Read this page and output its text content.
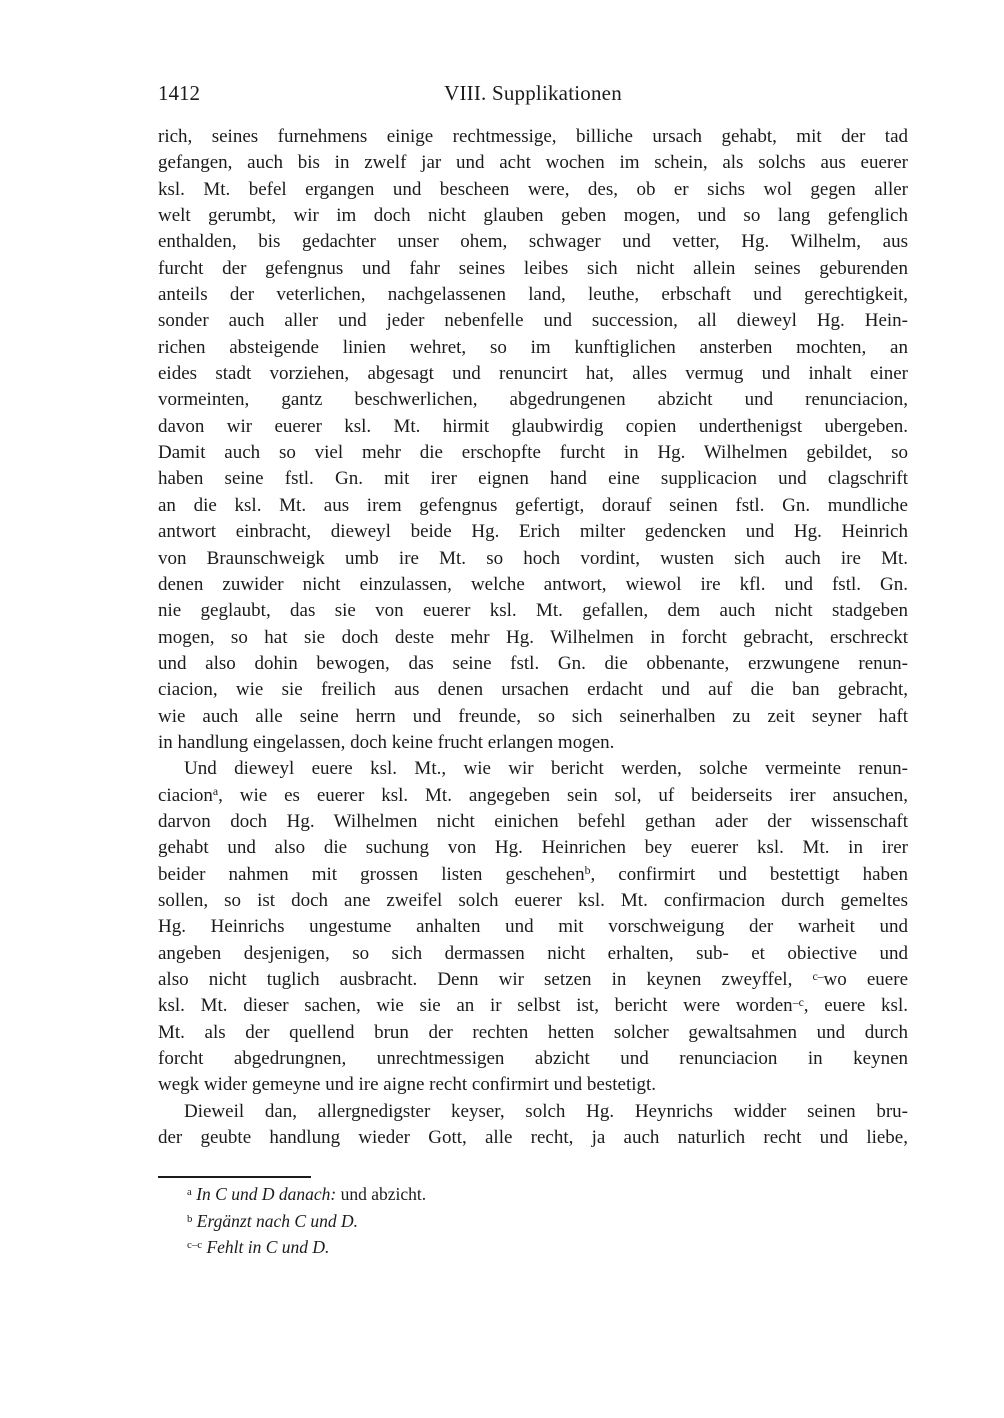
1412	VIII. Supplikationen
rich, seines furnehmens einige rechtmessige, billiche ursach gehabt, mit der tad
gefangen, auch bis in zwelf jar und acht wochen im schein, als solchs aus euerer
ksl. Mt. befel ergangen und bescheen were, des, ob er sichs wol gegen aller
welt gerumbt, wir im doch nicht glauben geben mogen, und so lang gefenglich
enthalden, bis gedachter unser ohem, schwager und vetter, Hg. Wilhelm, aus
furcht der gefengnus und fahr seines leibes sich nicht allein seines geburenden
anteils der veterlichen, nachgelassenen land, leuthe, erbschaft und gerechtigkeit,
sonder auch aller und jeder nebenfelle und succession, all dieweyl Hg. Hein-
richen absteigende linien wehret, so im kunftiglichen ansterben mochten, an
eides stadt vorziehen, abgesagt und renuncirt hat, alles vermug und inhalt einer
vormeinten, gantz beschwerlichen, abgedrungenen abzicht und renunciacion,
davon wir euerer ksl. Mt. hirmit glaubwirdig copien underthenigst ubergeben.
Damit auch so viel mehr die erschopfte furcht in Hg. Wilhelmen gebildet, so
haben seine fstl. Gn. mit irer eignen hand eine supplicacion und clagschrift
an die ksl. Mt. aus irem gefengnus gefertigt, dorauf seinen fstl. Gn. mundliche
antwort einbracht, dieweyl beide Hg. Erich milter gedencken und Hg. Heinrich
von Braunschweigk umb ire Mt. so hoch vordint, wusten sich auch ire Mt.
denen zuwider nicht einzulassen, welche antwort, wiewol ire kfl. und fstl. Gn.
nie geglaubt, das sie von euerer ksl. Mt. gefallen, dem auch nicht stadgeben
mogen, so hat sie doch deste mehr Hg. Wilhelmen in forcht gebracht, erschreckt
und also dohin bewogen, das seine fstl. Gn. die obbenante, erzwungene renun-
ciacion, wie sie freilich aus denen ursachen erdacht und auf die ban gebracht,
wie auch alle seine herrn und freunde, so sich seinerhalben zu zeit seyner haft
in handlung eingelassen, doch keine frucht erlangen mogen.
Und dieweyl euere ksl. Mt., wie wir bericht werden, solche vermeinte renun-
ciacion$^a$, wie es euerer ksl. Mt. angegeben sein sol, uf beiderseits irer ansuchen,
darvon doch Hg. Wilhelmen nicht einichen befehl gethan ader der wissenschaft
gehabt und also die suchung von Hg. Heinrichen bey euerer ksl. Mt. in irer
beider nahmen mit grossen listen geschehen$^b$, confirmirt und bestettigt haben
sollen, so ist doch ane zweifel solch euerer ksl. Mt. confirmacion durch gemeltes
Hg. Heinrichs ungestume anhalten und mit vorschweigung der warheit und
angeben desjenigen, so sich dermassen nicht erhalten, sub- et obiective und
also nicht tuglich ausbracht. Denn wir setzen in keynen zweyffel, $^{c-}$wo euere
ksl. Mt. dieser sachen, wie sie an ir selbst ist, bericht were worden$^{-c}$, euere ksl.
Mt. als der quellend brun der rechten hetten solcher gewaltsahmen und durch
forcht abgedrungnen, unrechtmessigen abzicht und renunciacion in keynen
wegk wider gemeyne und ire aigne recht confirmirt und bestetigt.
Dieweil dan, allergnedigster keyser, solch Hg. Heynrichs widder seinen bru-
der geubte handlung wieder Gott, alle recht, ja auch naturlich recht und liebe,
$^a$ In C und D danach: und abzicht.
$^b$ Ergänzt nach C und D.
$^{c-c}$ Fehlt in C und D.
